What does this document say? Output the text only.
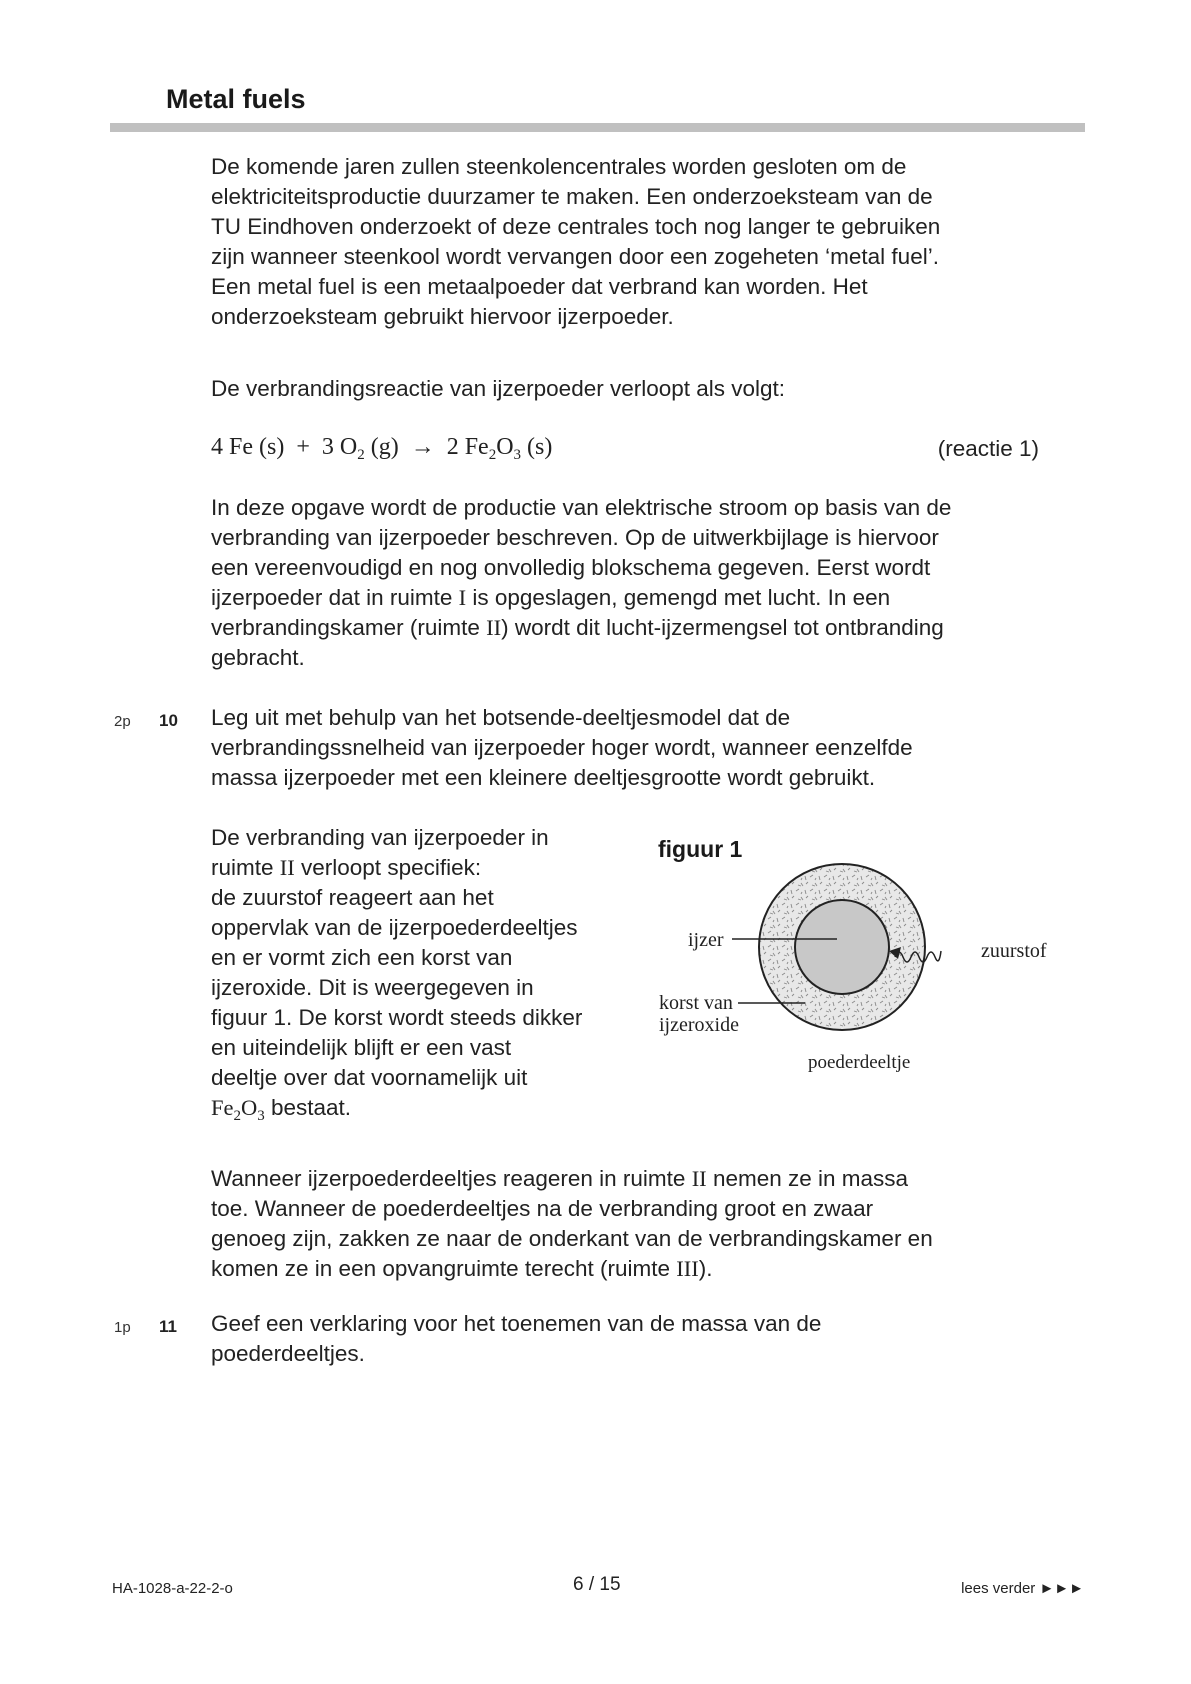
Metal fuels

De komende jaren zullen steenkolencentrales worden gesloten om de

elektriciteitsproductie duurzamer te maken. Een onderzoeksteam van de

TU Eindhoven onderzoekt of deze centrales toch nog langer te gebruiken

zijn wanneer steenkool wordt vervangen door een zogeheten ‘metal fuel’.

Een metal fuel is een metaalpoeder dat verbrand kan worden. Het

onderzoeksteam gebruikt hiervoor ijzerpoeder.

De verbrandingsreactie van ijzerpoeder verloopt als volgt:
4 Fe (s)  +  3 $O_2$ (g)  →  2 $Fe_2O_3$ (s)	(reactie 1)

In deze opgave wordt de productie van elektrische stroom op basis van de

verbranding van ijzerpoeder beschreven. Op de uitwerkbijlage is hiervoor

een vereenvoudigd en nog onvolledig blokschema gegeven. Eerst wordt

ijzerpoeder dat in ruimte I is opgeslagen, gemengd met lucht. In een

verbrandingskamer (ruimte II) wordt dit lucht-ijzermengsel tot ontbranding

gebracht.

2p 10 Leg uit met behulp van het botsende-deeltjesmodel dat de

verbrandingssnelheid van ijzerpoeder hoger wordt, wanneer eenzelfde

massa ijzerpoeder met een kleinere deeltjesgrootte wordt gebruikt.

De verbranding van ijzerpoeder in

ruimte II verloopt specifiek:

de zuurstof reageert aan het

oppervlak van de ijzerpoederdeeltjes

en er vormt zich een korst van

ijzeroxide. Dit is weergegeven in

figuur 1. De korst wordt steeds dikker

en uiteindelijk blijft er een vast

deeltje over dat voornamelijk uit

$Fe_2O_3$ bestaat.

figuur 1
ijzer	zuurstof
korst van
ijzeroxide
poederdeeltje

Wanneer ijzerpoederdeeltjes reageren in ruimte II nemen ze in massa

toe. Wanneer de poederdeeltjes na de verbranding groot en zwaar

genoeg zijn, zakken ze naar de onderkant van de verbrandingskamer en

komen ze in een opvangruimte terecht (ruimte III).

1p 11 Geef een verklaring voor het toenemen van de massa van de

poederdeeltjes.

HA-1028-a-22-2-o	6 / 15	lees verder ►►►
